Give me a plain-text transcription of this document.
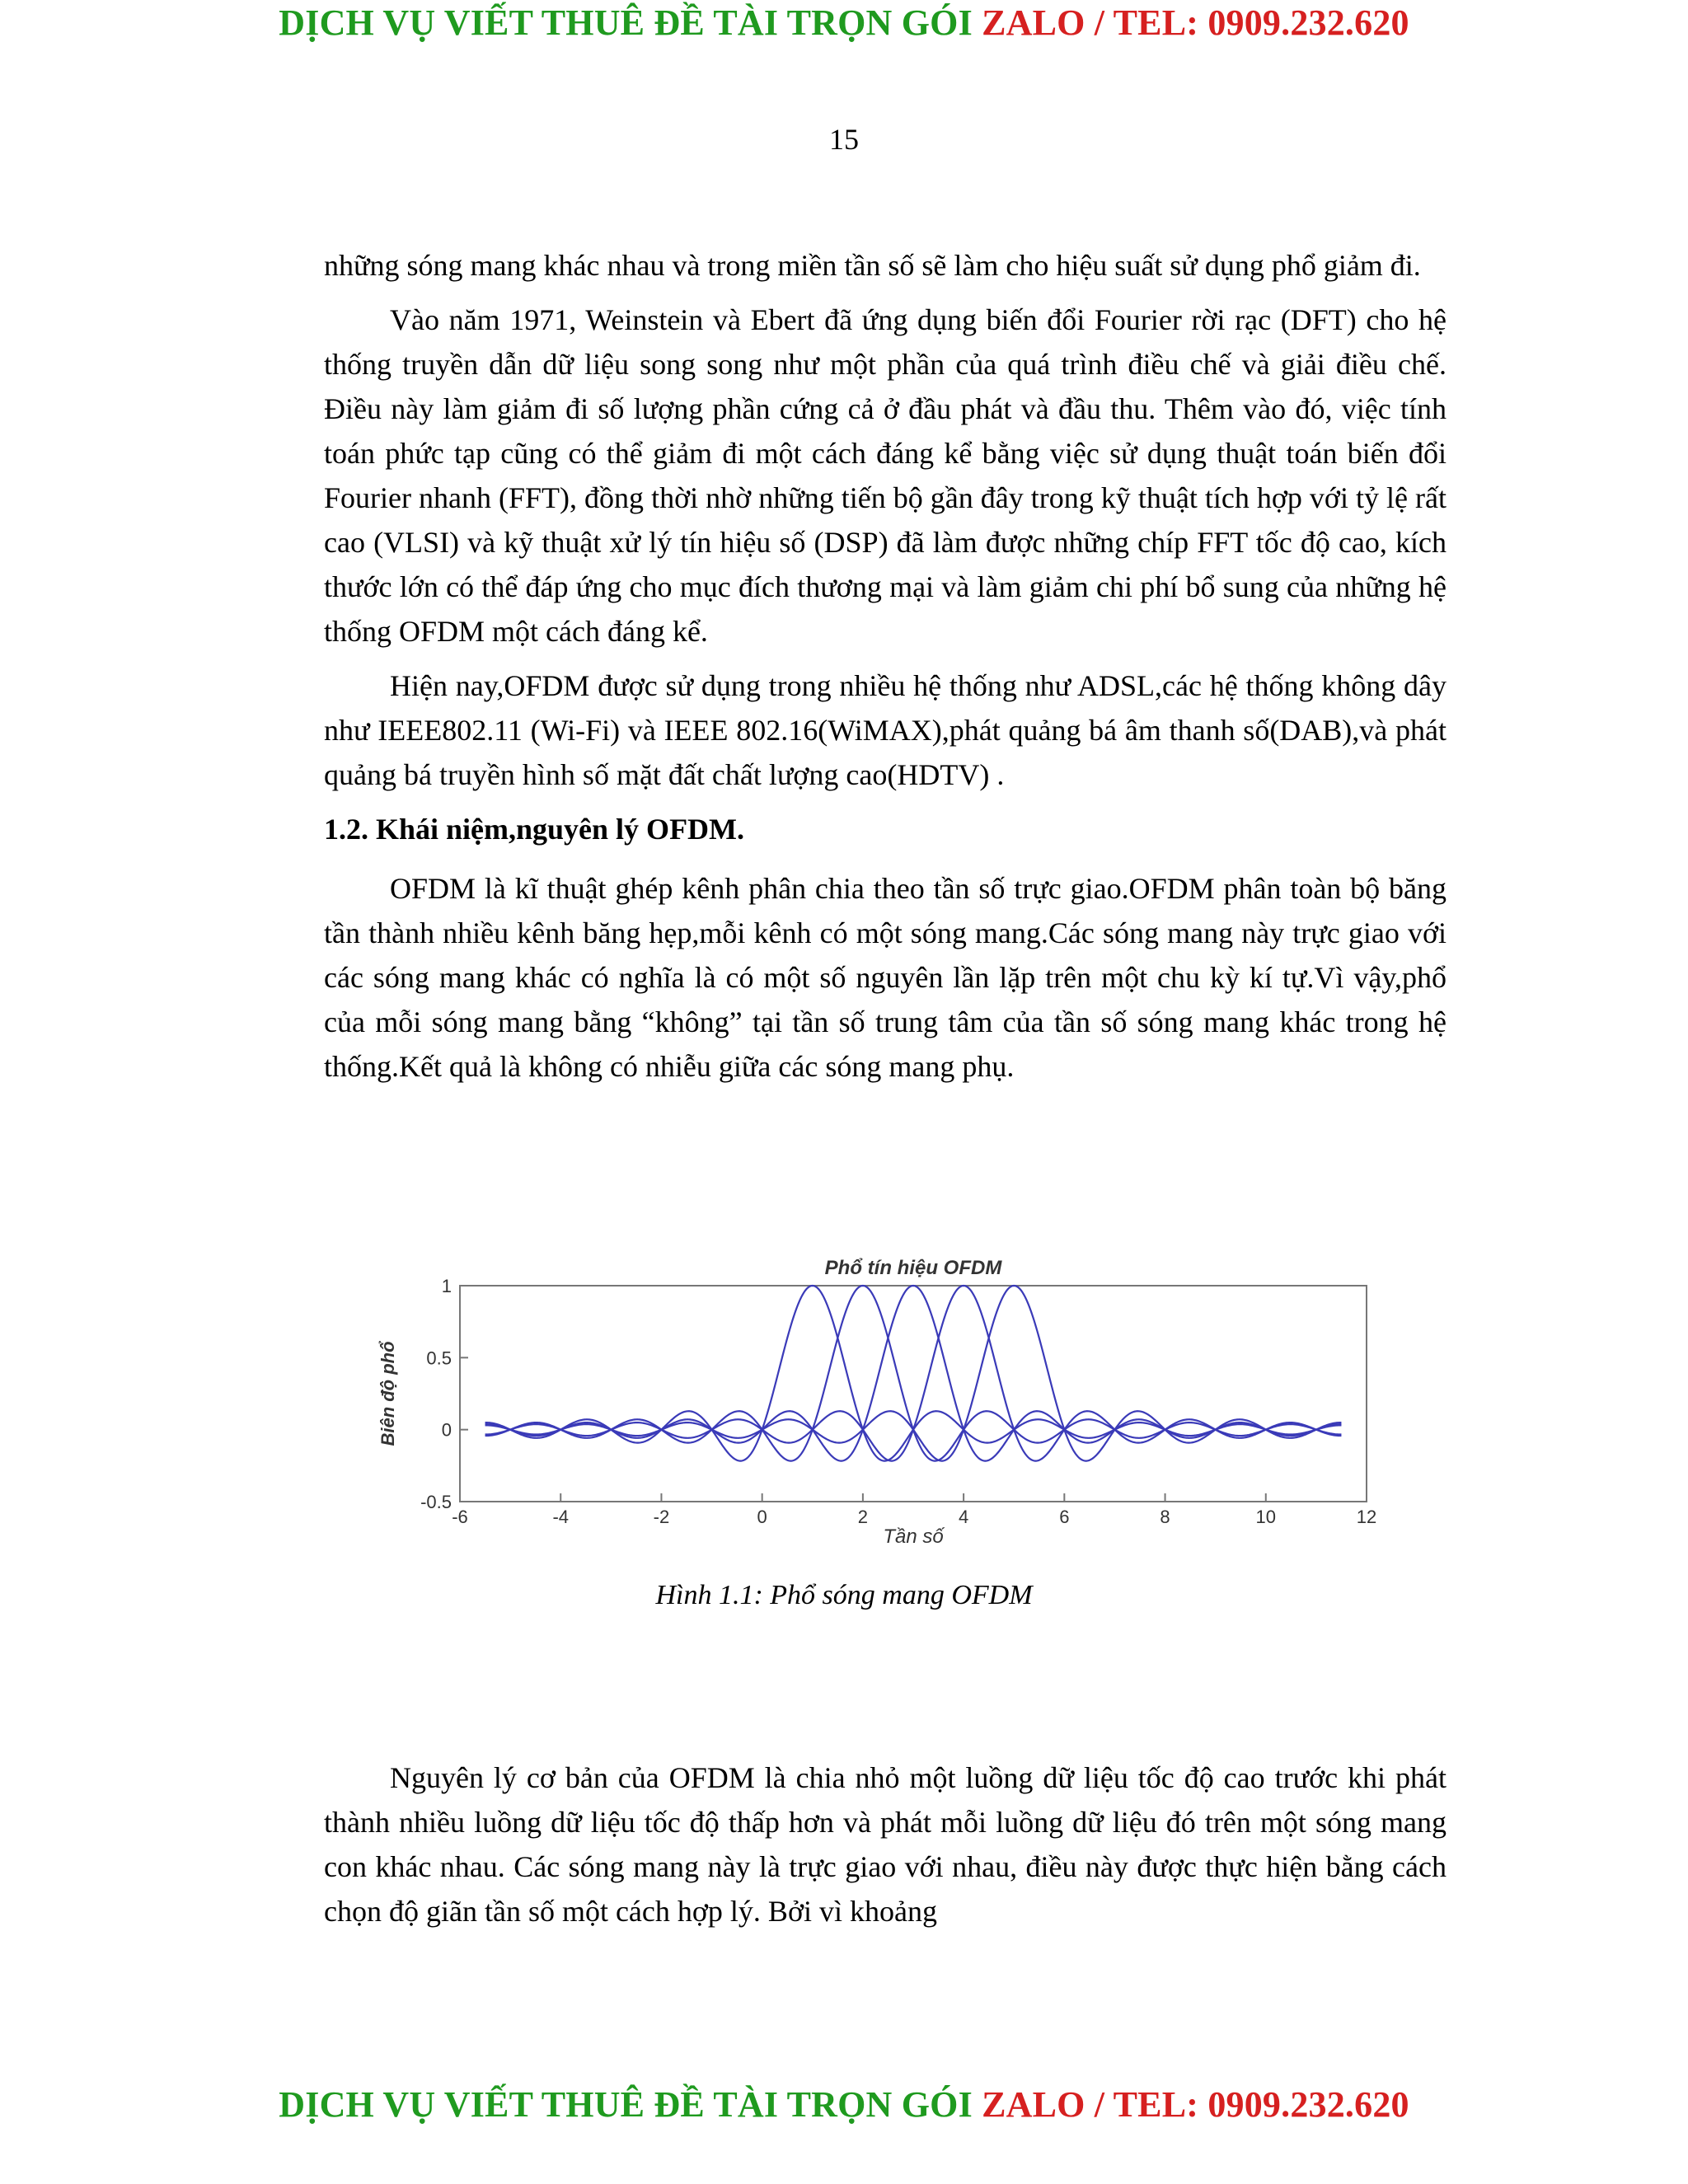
DỊCH VỤ VIẾT THUÊ ĐỀ TÀI TRỌN GÓI ZALO / TEL: 0909.232.620
15

những sóng mang khác nhau và trong miền tần số sẽ làm cho hiệu suất sử dụng phổ giảm đi.

Vào năm 1971, Weinstein và Ebert đã ứng dụng biến đổi Fourier rời rạc (DFT) cho hệ thống truyền dẫn dữ liệu song song như một phần của quá trình điều chế và giải điều chế. Điều này làm giảm đi số lượng phần cứng cả ở đầu phát và đầu thu. Thêm vào đó, việc tính toán phức tạp cũng có thể giảm đi một cách đáng kể bằng việc sử dụng thuật toán biến đổi Fourier nhanh (FFT), đồng thời nhờ những tiến bộ gần đây trong kỹ thuật tích hợp với tỷ lệ rất cao (VLSI) và kỹ thuật xử lý tín hiệu số (DSP) đã làm được những chíp FFT tốc độ cao, kích thước lớn có thể đáp ứng cho mục đích thương mại và làm giảm chi phí bổ sung của những hệ thống OFDM một cách đáng kể.

Hiện nay,OFDM được sử dụng trong nhiều hệ thống như ADSL,các hệ thống không dây như IEEE802.11 (Wi-Fi) và IEEE 802.16(WiMAX),phát quảng bá âm thanh số(DAB),và phát quảng bá truyền hình số mặt đất chất lượng cao(HDTV) .

1.2. Khái niệm,nguyên lý OFDM.

OFDM là kĩ thuật ghép kênh phân chia theo tần số trực giao.OFDM phân toàn bộ băng tần thành nhiều kênh băng hẹp,mỗi kênh có một sóng mang.Các sóng mang này trực giao với các sóng mang khác có nghĩa là có một số nguyên lần lặp trên một chu kỳ kí tự.Vì vậy,phổ của mỗi sóng mang bằng “không” tại tần số trung tâm của tần số sóng mang khác trong hệ thống.Kết quả là không có nhiễu giữa các sóng mang phụ.

-0.5
0
0.5
1
-6	-4	-2	0	2	4	6	8	10	12
Phổ tín hiệu OFDM
Tần số
Biên độ phổ
Hình 1.1: Phổ sóng mang OFDM

Nguyên lý cơ bản của OFDM là chia nhỏ một luồng dữ liệu tốc độ cao trước khi phát thành nhiều luồng dữ liệu tốc độ thấp hơn và phát mỗi luồng dữ liệu đó trên một sóng mang con khác nhau. Các sóng mang này là trực giao với nhau, điều này được thực hiện bằng cách chọn độ giãn tần số một cách hợp lý. Bởi vì khoảng

DỊCH VỤ VIẾT THUÊ ĐỀ TÀI TRỌN GÓI ZALO / TEL: 0909.232.620
